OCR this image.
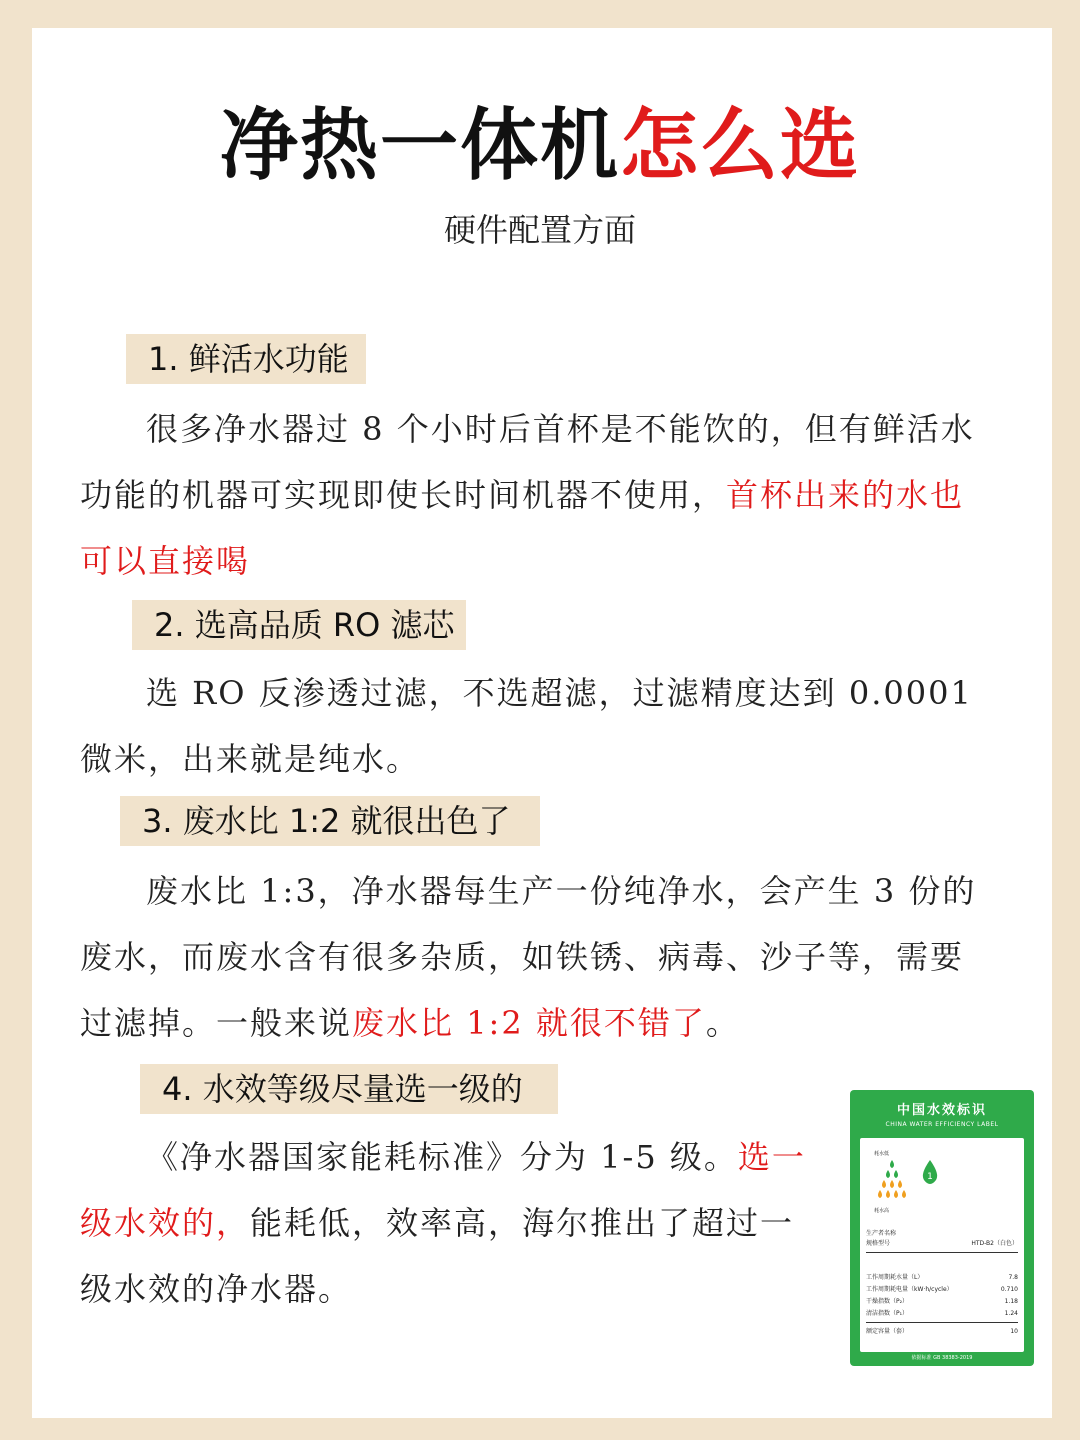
净热一体机怎么选
硬件配置方面
1. 鲜活水功能
很多净水器过 8 个小时后首杯是不能饮的，但有鲜活水功能的机器可实现即使长时间机器不使用，首杯出来的水也可以直接喝
2. 选高品质 RO 滤芯
选 RO 反渗透过滤，不选超滤，过滤精度达到 0.0001 微米，出来就是纯水。
3. 废水比 1:2 就很出色了
废水比 1:3，净水器每生产一份纯净水，会产生 3 份的废水，而废水含有很多杂质，如铁锈、病毒、沙子等，需要过滤掉。一般来说废水比 1:2 就很不错了。
4. 水效等级尽量选一级的
《净水器国家能耗标准》分为 1-5 级。选一级水效的，能耗低，效率高，海尔推出了超过一级水效的净水器。
中国水效标识
CHINA WATER EFFICIENCY LABEL
耗水低
耗水高
1
生产者名称
规格型号	HTD-B2（白色）
工作周期耗水量（L）	7.8
工作周期耗电量（kW·h/cycle）	0.710
干燥指数（P₂）	1.18
清洁指数（P₁）	1.24
额定容量（套）	10
依据标准 GB 38383-2019
